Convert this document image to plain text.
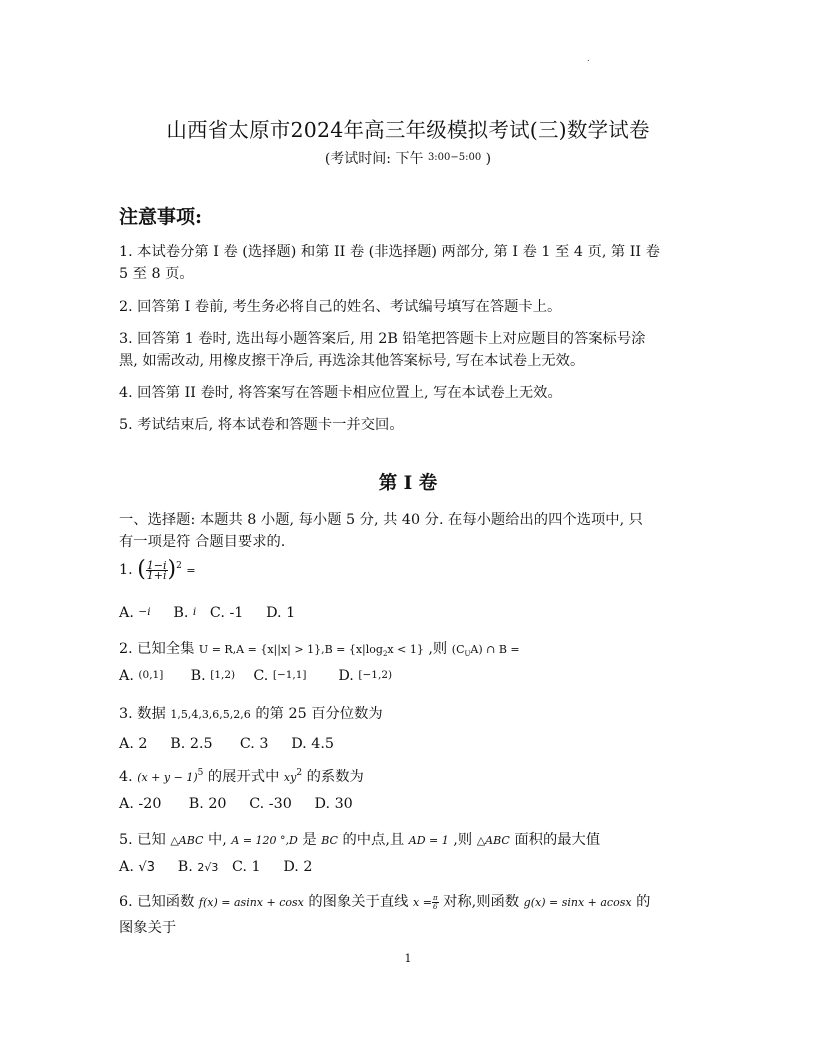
.
山西省太原市2024年高三年级模拟考试(三)数学试卷
(考试时间: 下午 $^{3:00-5:00}$ )
注意事项:
1. 本试卷分第 I 卷 (选择题) 和第 II 卷 (非选择题) 两部分, 第 I 卷 1 至 4 页, 第 II 卷
5 至 8 页。
2. 回答第 I 卷前, 考生务必将自己的姓名、考试编号填写在答题卡上。
3. 回答第 1 卷时, 选出每小题答案后, 用 2B 铅笔把答题卡上对应题目的答案标号涂
黑, 如需改动, 用橡皮擦干净后, 再选涂其他答案标号, 写在本试卷上无效。
4. 回答第 II 卷时, 将答案写在答题卡相应位置上, 写在本试卷上无效。
5. 考试结束后, 将本试卷和答题卡一并交回。
第 I 卷
一、选择题: 本题共 8 小题, 每小题 5 分, 共 40 分. 在每小题给出的四个选项中, 只
有一项是符 合题目要求的.
1. ( $\frac{1-i}{1+i} )^2$ =
A. −i B. i C. -1 D. 1
2. 已知全集 $U = R,A = \{x||x| > 1\},B = \{x|\log_2x < 1\}$ ,则 $(C_UA)$ ∩ B =
A. (0,1] B. [1,2) C. [−1,1] D. [−1,2)
3. 数据 1,5,4,3,6,5,2,6 的第 25 百分位数为
A. 2 B. 2.5 C. 3 D. 4.5
4. $(x + y - 1)^5$ 的展开式中 $xy^2$ 的系数为
A. -20 B. 20 C. -30 D. 30
5. 已知 △ABC 中, A = 120 °,D 是 BC 的中点,且 AD = 1 ,则 △ABC 面积的最大值
A. √3 B. 2√3 C. 1 D. 2
6. 已知函数 f(x) = asinx + cosx 的图象关于直线 $x = \frac{\pi}{6}$ 对称,则函数 g(x) = sinx + acosx 的
图象关于
1
